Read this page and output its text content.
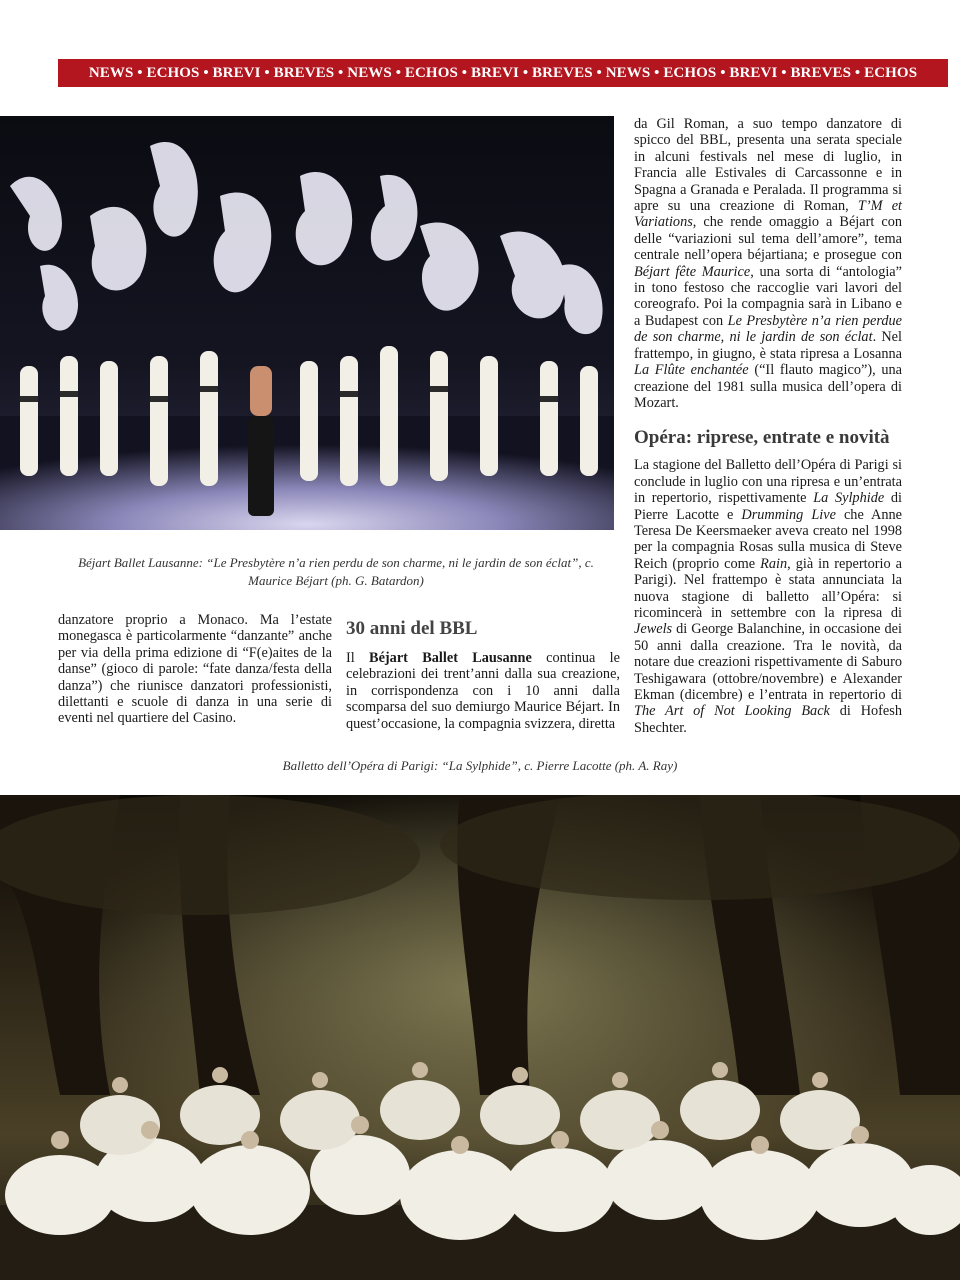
NEWS • ECHOS • BREVI • BREVES • NEWS • ECHOS • BREVI • BREVES • NEWS • ECHOS • BREVI • BREVES • ECHOS
Béjart Ballet Lausanne: “Le Presbytère n’a rien perdu de son charme, ni le jardin de son éclat”, c. Maurice Béjart (ph. G. Batardon)

danzatore proprio a Monaco. Ma l’estate monegasca è particolarmente “danzante” anche per via della prima edizione di “F(e)aites de la danse” (gioco di parole: “fate danza/festa della danza”) che riunisce danzatori professionisti, dilettanti e scuole di danza in una serie di eventi nel quartiere del Casino.

30 anni del BBL

Il Béjart Ballet Lausanne continua le celebrazioni dei trent’anni dalla sua creazione, in corrispondenza con i 10 anni dalla scomparsa del suo demiurgo Maurice Béjart. In quest’occasione, la compagnia svizzera, diretta

da Gil Roman, a suo tempo danzatore di spicco del BBL, presenta una serata speciale in alcuni festivals nel mese di luglio, in Francia alle Estivales di Carcassonne e in Spagna a Granada e Peralada. Il programma si apre su una creazione di Roman, T’M et Variations, che rende omaggio a Béjart con delle “variazioni sul tema dell’amore”, tema centrale nell’opera béjartiana; e prosegue con Béjart fête Maurice, una sorta di “antologia” in tono festoso che raccoglie vari lavori del coreografo. Poi la compagnia sarà in Libano e a Budapest con Le Presbytère n’a rien perdue de son charme, ni le jardin de son éclat. Nel frattempo, in giugno, è stata ripresa a Losanna La Flûte enchantée (“Il flauto magico”), una creazione del 1981 sulla musica dell’opera di Mozart.

Opéra: riprese, entrate e novità

La stagione del Balletto dell’Opéra di Parigi si conclude in luglio con una ripresa e un’entrata in repertorio, rispettivamente La Sylphide di Pierre Lacotte e Drumming Live che Anne Teresa De Keersmaeker aveva creato nel 1998 per la compagnia Rosas sulla musica di Steve Reich (proprio come Rain, già in repertorio a Parigi). Nel frattempo è stata annunciata la nuova stagione di balletto all’Opéra: si ricomincerà in settembre con la ripresa di Jewels di George Balanchine, in occasione dei 50 anni dalla creazione. Tra le novità, da notare due creazioni rispettivamente di Saburo Teshigawara (ottobre/novembre) e Alexander Ekman (dicembre) e l’entrata in repertorio di The Art of Not Looking Back di Hofesh Shechter.

Balletto dell’Opéra di Parigi: “La Sylphide”, c. Pierre Lacotte (ph. A. Ray)
